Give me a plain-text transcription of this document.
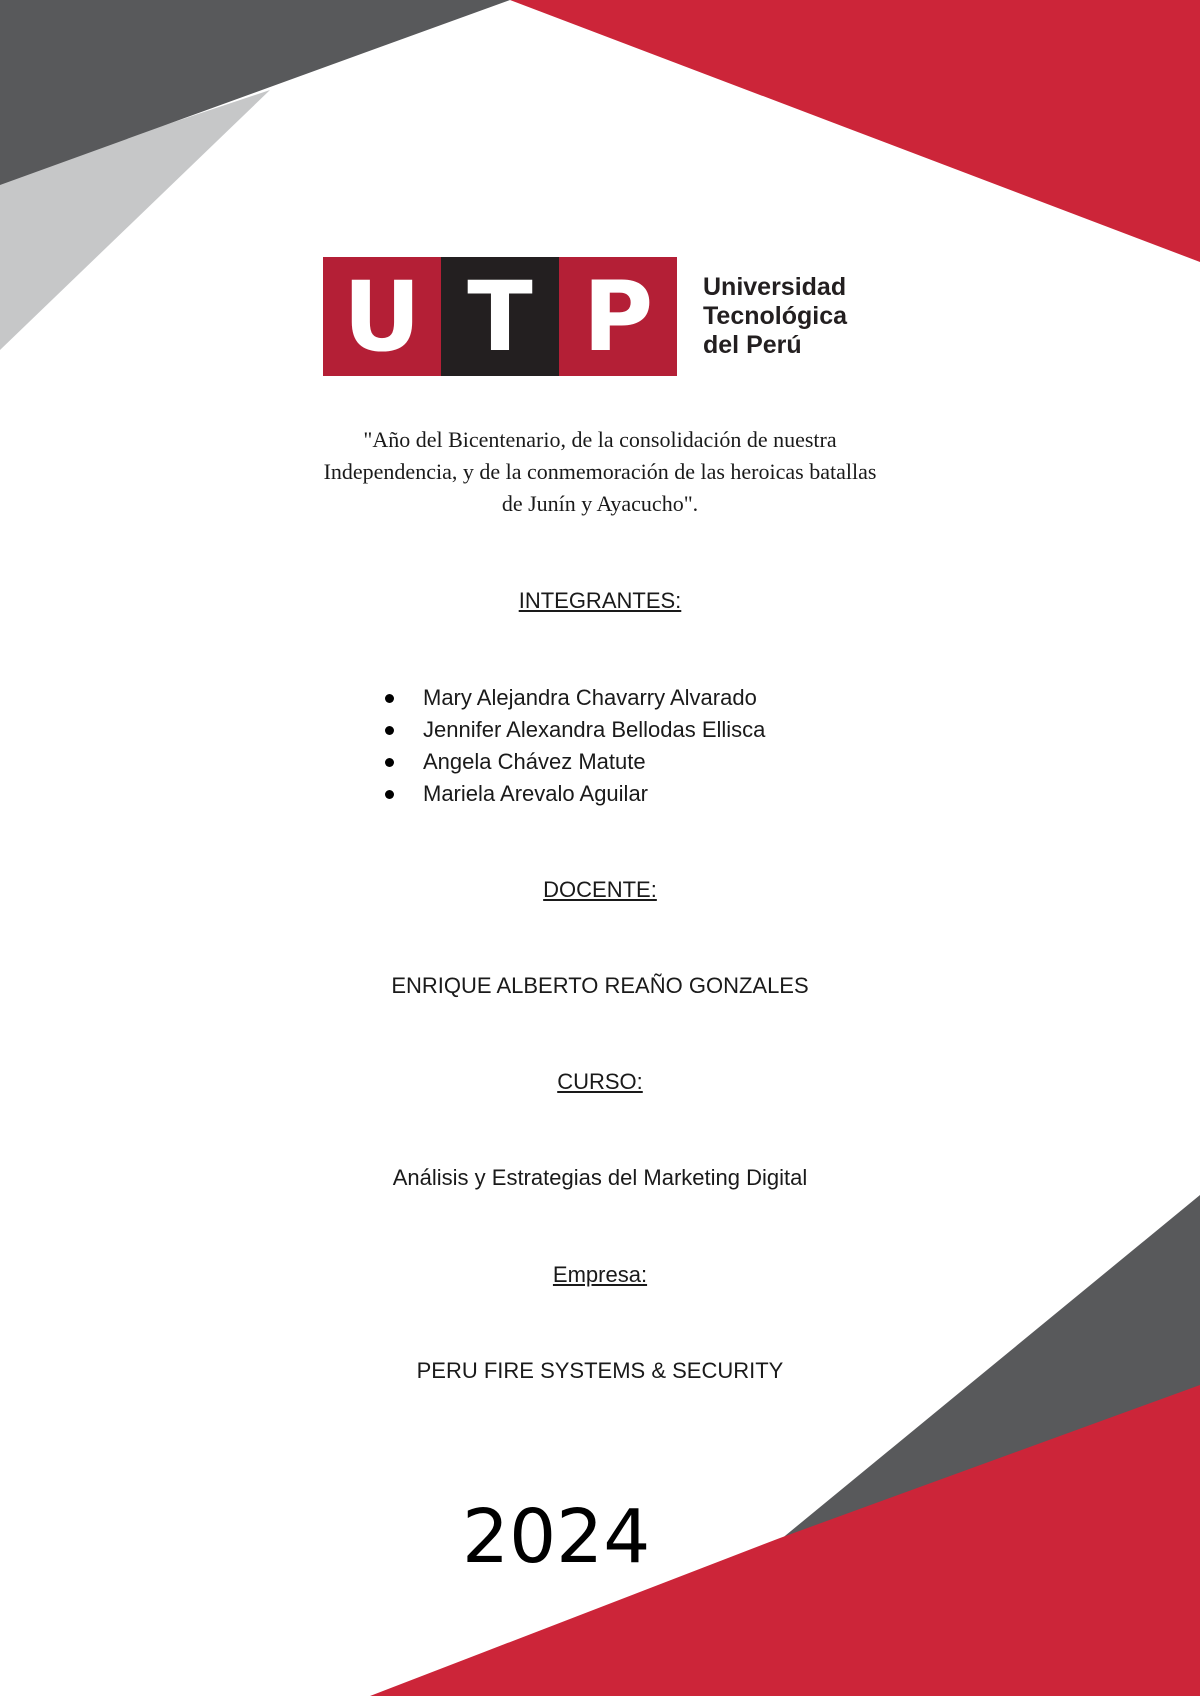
U T P	Universidad
Tecnológica
del Perú
"Año del Bicentenario, de la consolidación de nuestra
Independencia, y de la conmemoración de las heroicas batallas
de Junín y Ayacucho".
INTEGRANTES:
Mary Alejandra Chavarry Alvarado
Jennifer Alexandra Bellodas Ellisca
Angela Chávez Matute
Mariela Arevalo Aguilar
DOCENTE:
ENRIQUE ALBERTO REAÑO GONZALES
CURSO:
Análisis y Estrategias del Marketing Digital
Empresa:
PERU FIRE SYSTEMS & SECURITY
2024
